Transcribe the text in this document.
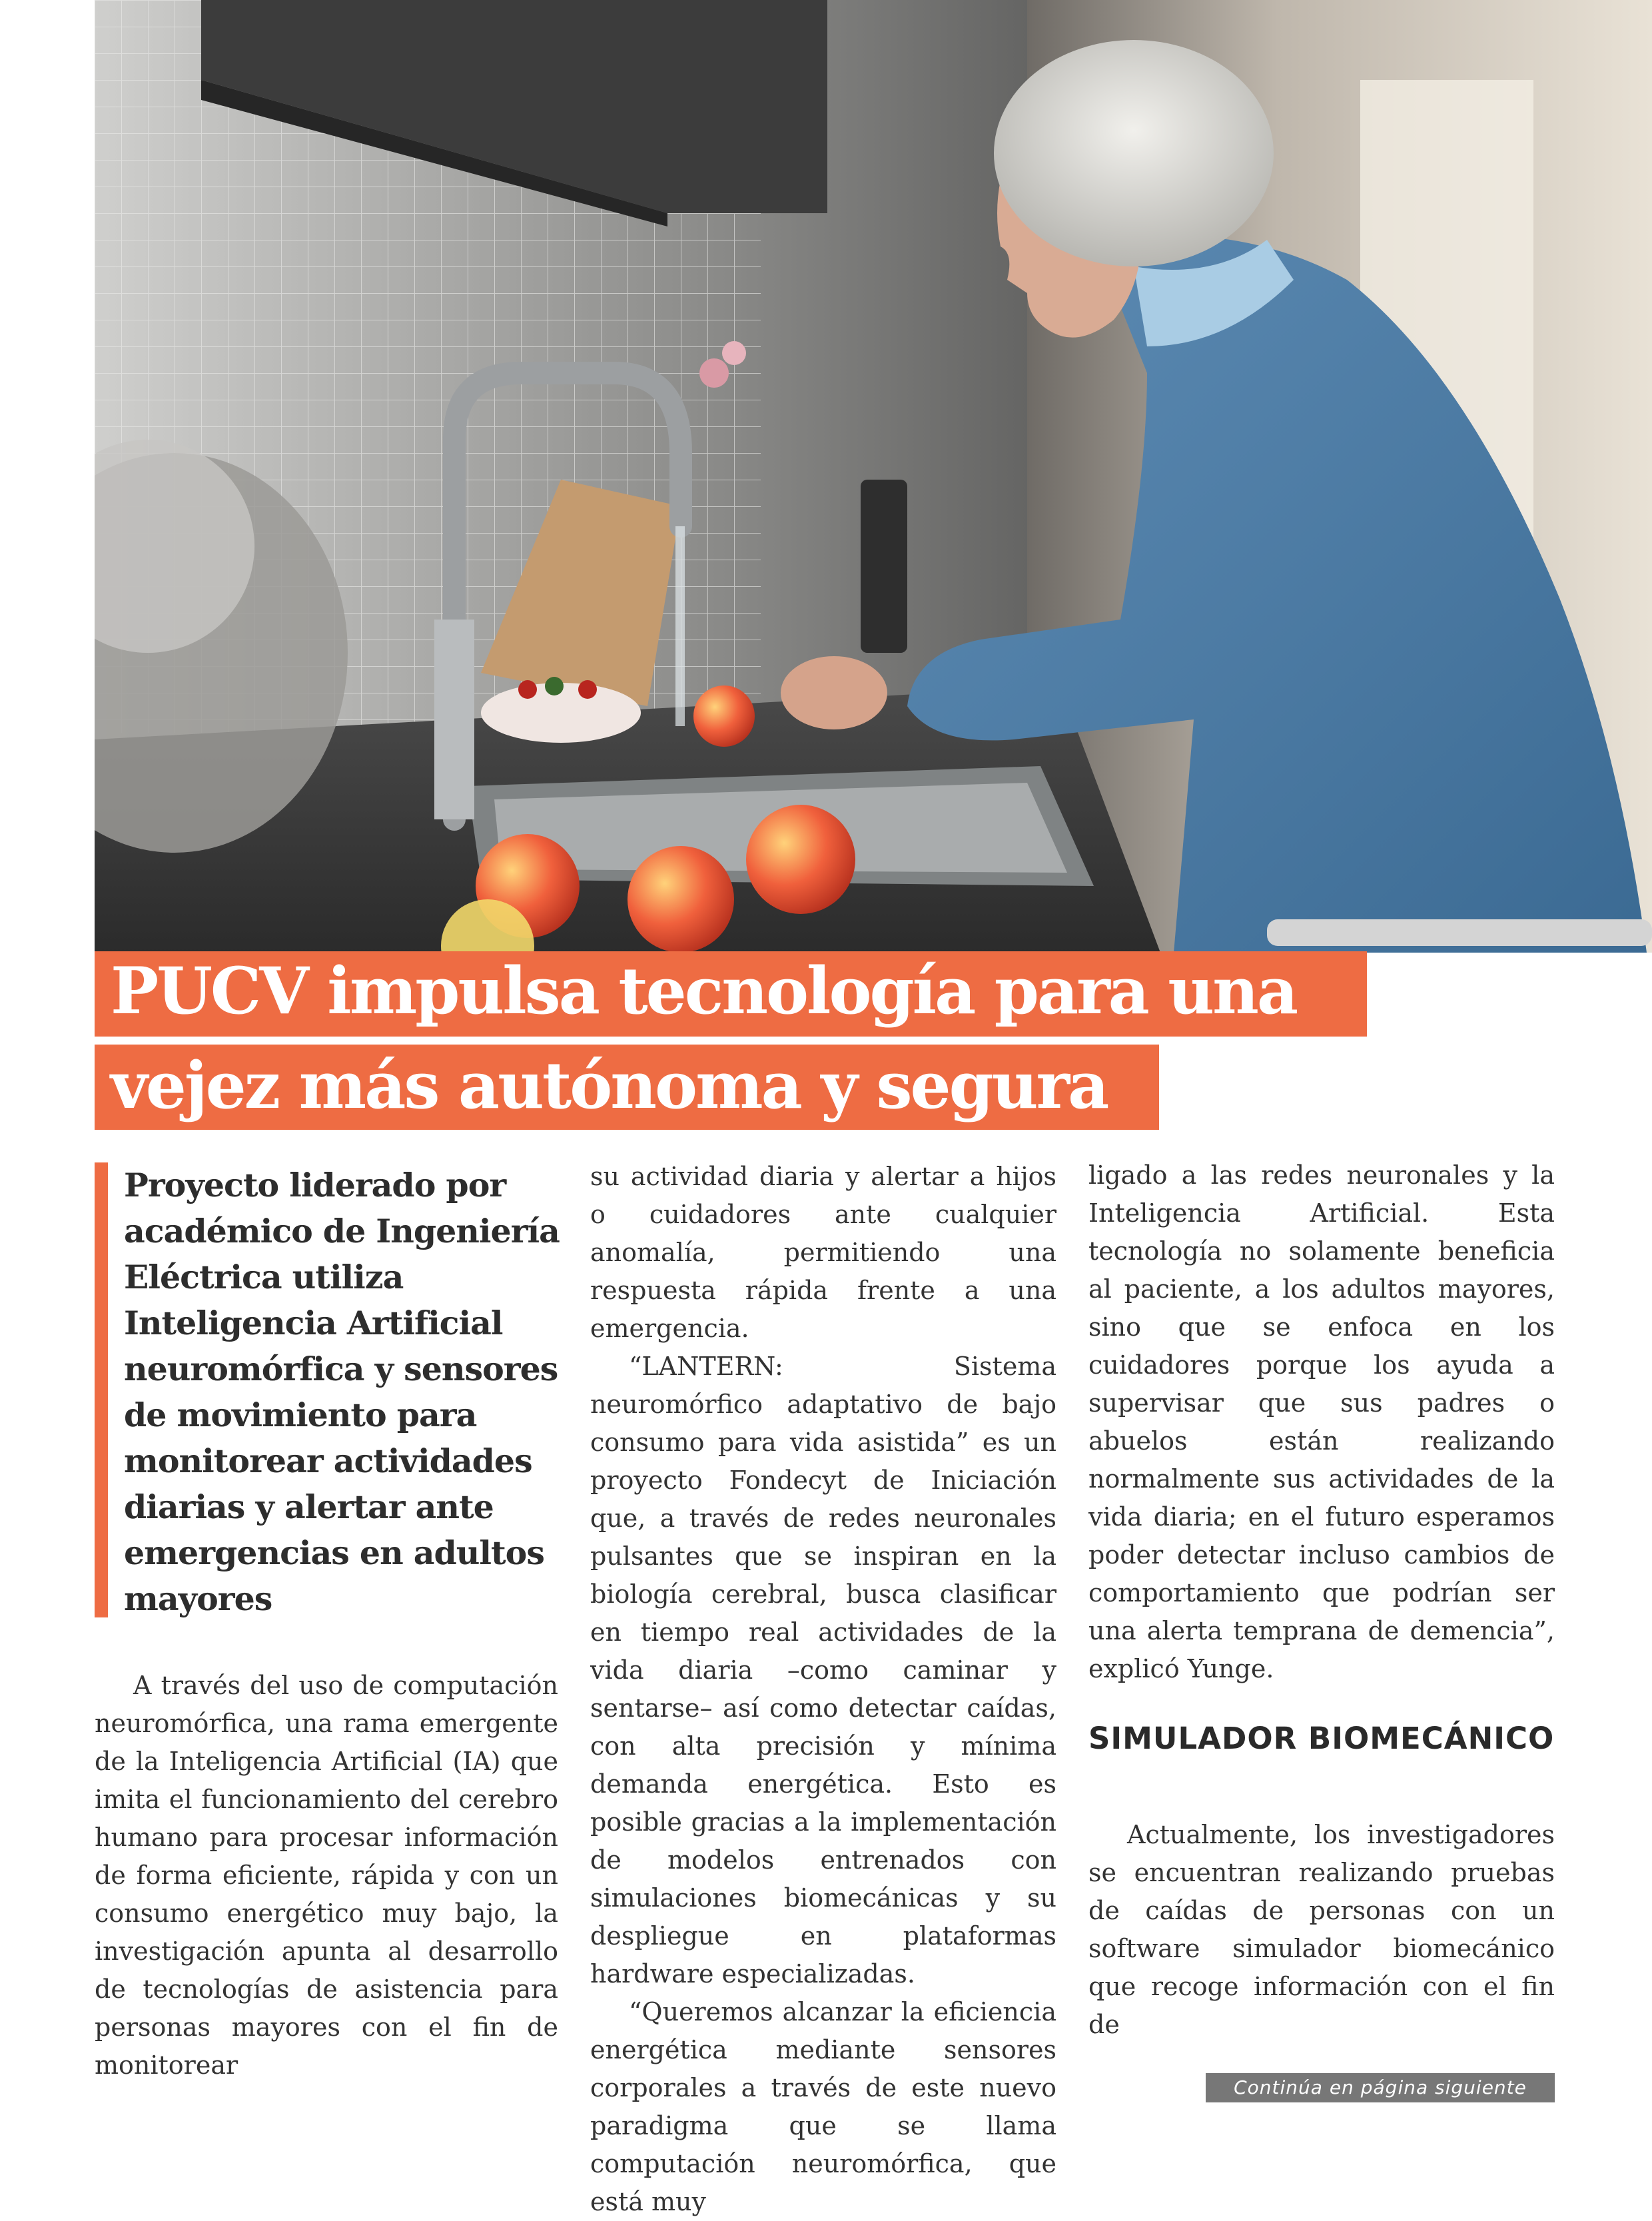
PUCV impulsa tecnología para una
vejez más autónoma y segura

Proyecto liderado por académico de Ingeniería Eléctrica utiliza Inteligencia Artificial neuromórfica y sensores de movimiento para monitorear actividades diarias y alertar ante emergencias en adultos mayores

A través del uso de computación neuromórfica, una rama emergente de la Inteligencia Artificial (IA) que imita el funcionamiento del cerebro humano para procesar información de forma eficiente, rápida y con un consumo energético muy bajo, la investigación apunta al desarrollo de tecnologías de asistencia para personas mayores con el fin de monitorear

su actividad diaria y alertar a hijos o cuidadores ante cualquier anomalía, permitiendo una respuesta rápida frente a una emergencia.

“LANTERN: Sistema neuromórfico adaptativo de bajo consumo para vida asistida” es un proyecto Fondecyt de Iniciación que, a través de redes neuronales pulsantes que se inspiran en la biología cerebral, busca clasificar en tiempo real actividades de la vida diaria –como caminar y sentarse– así como detectar caídas, con alta precisión y mínima demanda energética. Esto es posible gracias a la implementación de modelos entrenados con simulaciones biomecánicas y su despliegue en plataformas hardware especializadas.

“Queremos alcanzar la eficiencia energética mediante sensores corporales a través de este nuevo paradigma que se llama computación neuromórfica, que está muy

ligado a las redes neuronales y la Inteligencia Artificial. Esta tecnología no solamente beneficia al paciente, a los adultos mayores, sino que se enfoca en los cuidadores porque los ayuda a supervisar que sus padres o abuelos están realizando normalmente sus actividades de la vida diaria; en el futuro esperamos poder detectar incluso cambios de comportamiento que podrían ser una alerta temprana de demencia”, explicó Yunge.

SIMULADOR BIOMECÁNICO

Actualmente, los investigadores se encuentran realizando pruebas de caídas de personas con un software simulador biomecánico que recoge información con el fin de

Continúa en página siguiente
